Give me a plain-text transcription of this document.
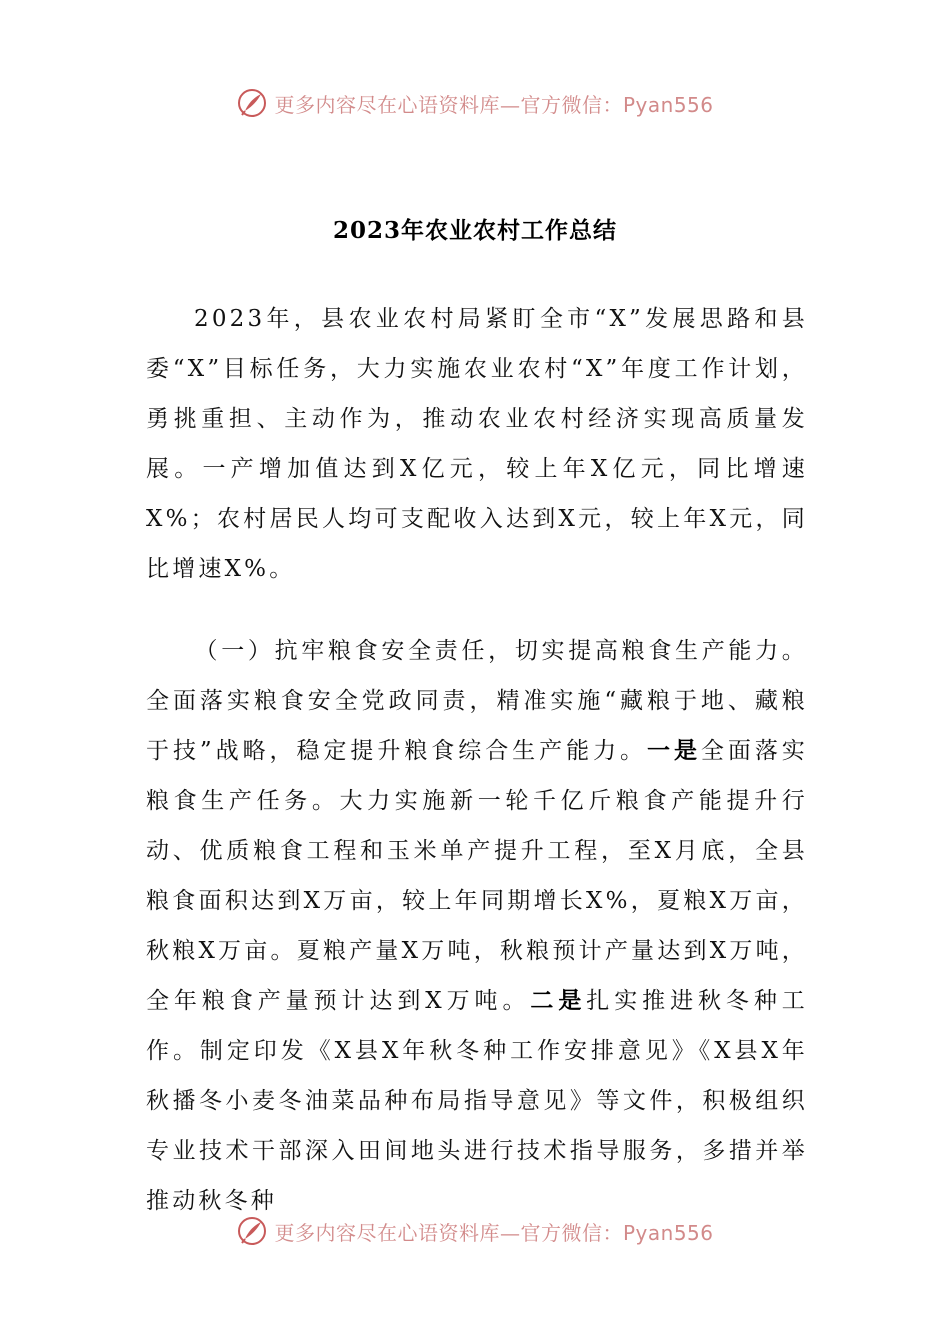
更多内容尽在心语资料库—官方微信：Pyan556
2023年农业农村工作总结

2023年，县农业农村局紧盯全市“X”发展思路和县委“X”目标任务，大力实施农业农村“X”年度工作计划，勇挑重担、主动作为，推动农业农村经济实现高质量发展。一产增加值达到X亿元，较上年X亿元，同比增速X%；农村居民人均可支配收入达到X元，较上年X元，同比增速X%。

（一）抗牢粮食安全责任，切实提高粮食生产能力。全面落实粮食安全党政同责，精准实施“藏粮于地、藏粮于技”战略，稳定提升粮食综合生产能力。一是全面落实粮食生产任务。大力实施新一轮千亿斤粮食产能提升行动、优质粮食工程和玉米单产提升工程，至X月底，全县粮食面积达到X万亩，较上年同期增长X%，夏粮X万亩，秋粮X万亩。夏粮产量X万吨，秋粮预计产量达到X万吨，全年粮食产量预计达到X万吨。二是扎实推进秋冬种工作。制定印发《X县X年秋冬种工作安排意见》《X县X年秋播冬小麦冬油菜品种布局指导意见》等文件，积极组织专业技术干部深入田间地头进行技术指导服务，多措并举推动秋冬种

更多内容尽在心语资料库—官方微信：Pyan556
